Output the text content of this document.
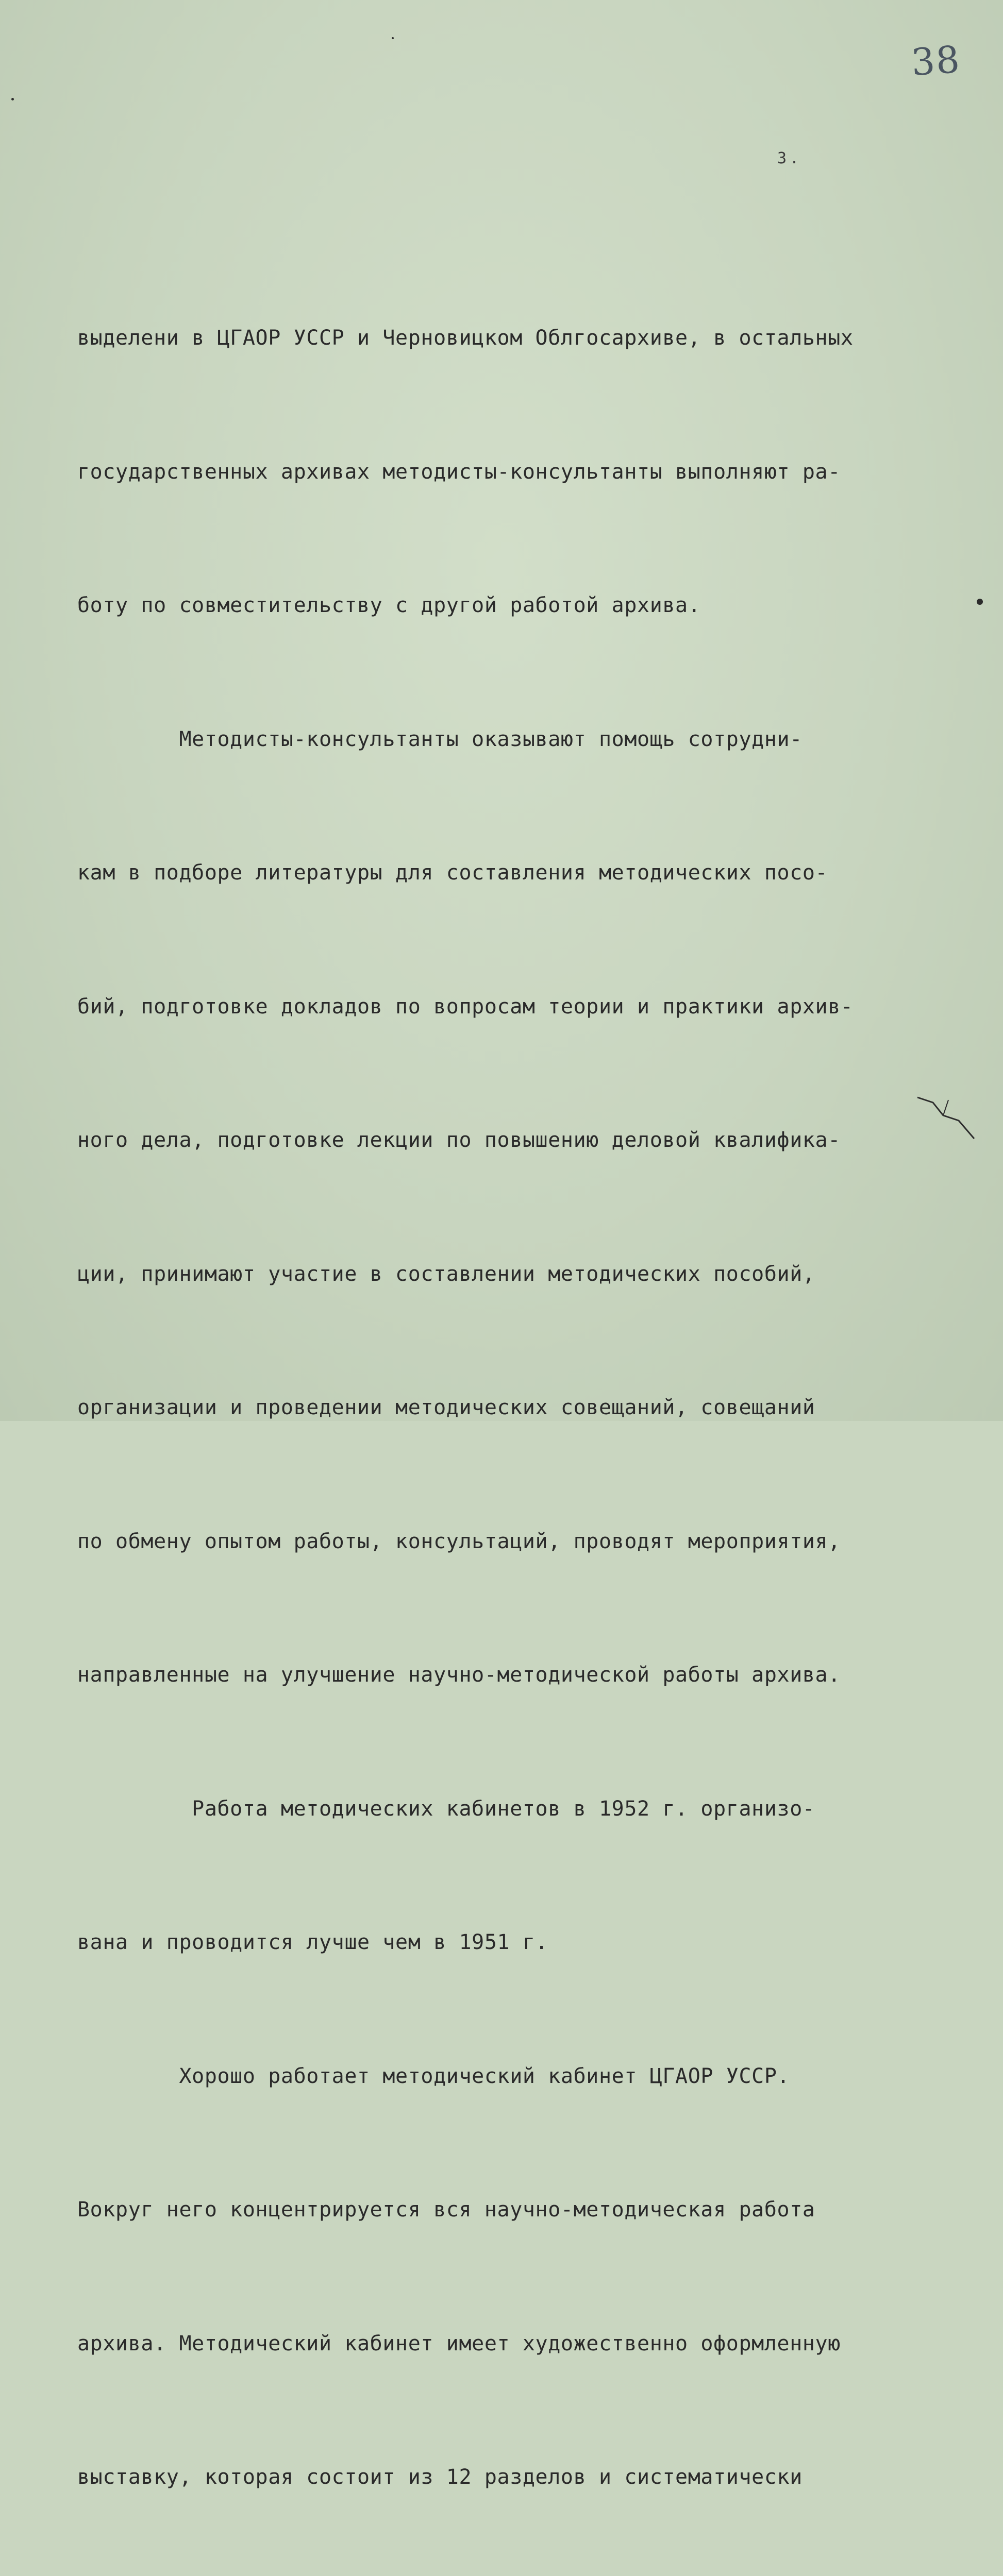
38
3.

выделени в ЦГАОР УССР и Черновицком Облгосархиве, в остальных

государственных архивах методисты-консультанты выполняют ра-

боту по совместительству с другой работой архива.

Методисты-консультанты оказывают помощь сотрудни-

кам в подборе литературы для составления методических посо-

бий, подготовке докладов по вопросам теории и практики архив-

ного дела, подготовке лекции по повышению деловой квалифика-

ции, принимают участие в составлении методических пособий,

организации и проведении методических совещаний, совещаний

по обмену опытом работы, консультаций, проводят мероприятия,

направленные на улучшение научно-методической работы архива.

Работа методических кабинетов в 1952 г. организо-

вана и проводится лучше чем в 1951 г.

Хорошо работает методический кабинет ЦГАОР УССР.

Вокруг него концентрируется вся научно-методическая работа

архива. Методический кабинет имеет художественно оформленную

выставку, которая состоит из 12 разделов и систематически
